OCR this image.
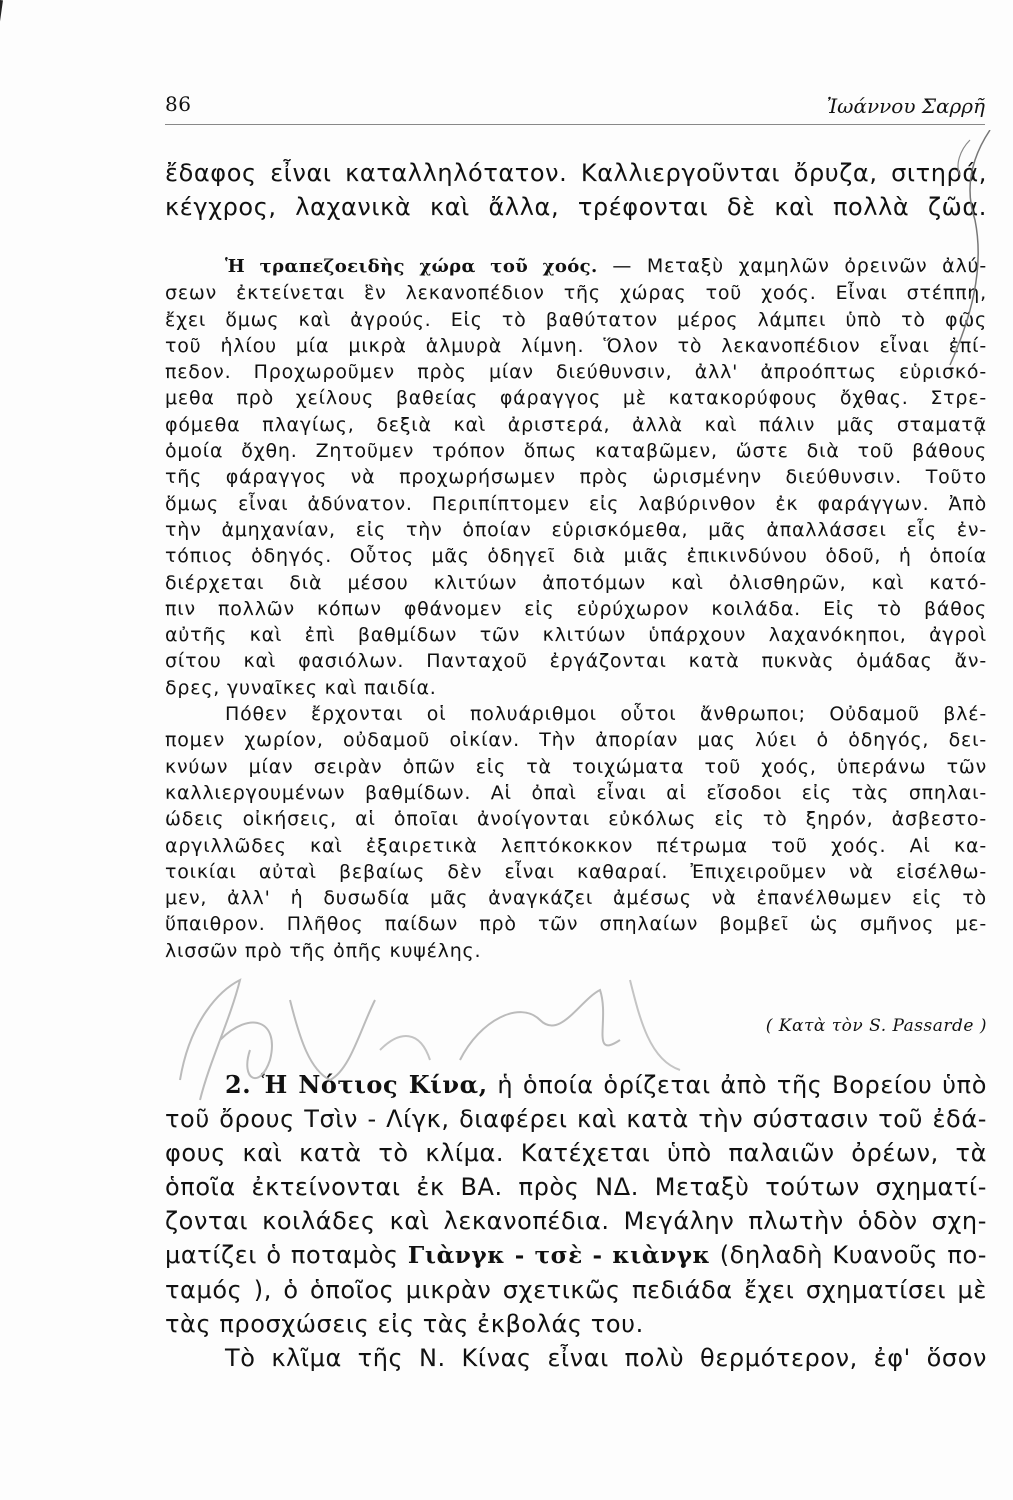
86	Ἰωάννου Σαρρῆ
ἔδαφος εἶναι καταλληλότατον. Καλλιεργοῦνται ὄρυζα, σιτηρά,
κέγχρος, λαχανικὰ καὶ ἄλλα, τρέφονται δὲ καὶ πολλὰ ζῶα.
Ἡ τραπεζοειδὴς χώρα τοῦ χοός. — Μεταξὺ χαμηλῶν ὀρεινῶν ἀλύ-
σεων ἐκτείνεται ἓν λεκανοπέδιον τῆς χώρας τοῦ χοός. Εἶναι στέππη,
ἔχει ὅμως καὶ ἀγρούς. Εἰς τὸ βαθύτατον μέρος λάμπει ὑπὸ τὸ φῶς
τοῦ ἡλίου μία μικρὰ ἁλμυρὰ λίμνη. Ὅλον τὸ λεκανοπέδιον εἶναι ἐπί-
πεδον. Προχωροῦμεν πρὸς μίαν διεύθυνσιν, ἀλλ' ἀπροόπτως εὑρισκό-
μεθα πρὸ χείλους βαθείας φάραγγος μὲ κατακορύφους ὄχθας. Στρε-
φόμεθα πλαγίως, δεξιὰ καὶ ἀριστερά, ἀλλὰ καὶ πάλιν μᾶς σταματᾷ
ὁμοία ὄχθη. Ζητοῦμεν τρόπον ὅπως καταβῶμεν, ὥστε διὰ τοῦ βάθους
τῆς φάραγγος νὰ προχωρήσωμεν πρὸς ὡρισμένην διεύθυνσιν. Τοῦτο
ὅμως εἶναι ἀδύνατον. Περιπίπτομεν εἰς λαβύρινθον ἐκ φαράγγων. Ἀπὸ
τὴν ἀμηχανίαν, εἰς τὴν ὁποίαν εὑρισκόμεθα, μᾶς ἀπαλλάσσει εἷς ἐν-
τόπιος ὁδηγός. Οὗτος μᾶς ὁδηγεῖ διὰ μιᾶς ἐπικινδύνου ὁδοῦ, ἡ ὁποία
διέρχεται διὰ μέσου κλιτύων ἀποτόμων καὶ ὀλισθηρῶν, καὶ κατό-
πιν πολλῶν κόπων φθάνομεν εἰς εὐρύχωρον κοιλάδα. Εἰς τὸ βάθος
αὐτῆς καὶ ἐπὶ βαθμίδων τῶν κλιτύων ὑπάρχουν λαχανόκηποι, ἀγροὶ
σίτου καὶ φασιόλων. Πανταχοῦ ἐργάζονται κατὰ πυκνὰς ὁμάδας ἄν-
δρες, γυναῖκες καὶ παιδία.
Πόθεν ἔρχονται οἱ πολυάριθμοι οὗτοι ἄνθρωποι; Οὐδαμοῦ βλέ-
πομεν χωρίον, οὐδαμοῦ οἰκίαν. Τὴν ἀπορίαν μας λύει ὁ ὁδηγός, δει-
κνύων μίαν σειρὰν ὀπῶν εἰς τὰ τοιχώματα τοῦ χοός, ὑπεράνω τῶν
καλλιεργουμένων βαθμίδων. Αἱ ὀπαὶ εἶναι αἱ εἴσοδοι εἰς τὰς σπηλαι-
ώδεις οἰκήσεις, αἱ ὁποῖαι ἀνοίγονται εὐκόλως εἰς τὸ ξηρόν, ἀσβεστο-
αργιλλῶδες καὶ ἐξαιρετικὰ λεπτόκοκκον πέτρωμα τοῦ χοός. Αἱ κα-
τοικίαι αὐταὶ βεβαίως δὲν εἶναι καθαραί. Ἐπιχειροῦμεν νὰ εἰσέλθω-
μεν, ἀλλ' ἡ δυσωδία μᾶς ἀναγκάζει ἀμέσως νὰ ἐπανέλθωμεν εἰς τὸ
ὕπαιθρον. Πλῆθος παίδων πρὸ τῶν σπηλαίων βομβεῖ ὡς σμῆνος με-
λισσῶν πρὸ τῆς ὀπῆς κυψέλης.
( Κατὰ τὸν S. Passarde )
2. Ἡ Νότιος Κίνα, ἡ ὁποία ὁρίζεται ἀπὸ τῆς Βορείου ὑπὸ
τοῦ ὄρους Τσὶν - Λίγκ, διαφέρει καὶ κατὰ τὴν σύστασιν τοῦ ἐδά-
φους καὶ κατὰ τὸ κλίμα. Κατέχεται ὑπὸ παλαιῶν ὀρέων, τὰ
ὁποῖα ἐκτείνονται ἐκ ΒΑ. πρὸς ΝΔ. Μεταξὺ τούτων σχηματί-
ζονται κοιλάδες καὶ λεκανοπέδια. Μεγάλην πλωτὴν ὁδὸν σχη-
ματίζει ὁ ποταμὸς Γιὰνγκ - τσὲ - κιὰνγκ (δηλαδὴ Κυανοῦς πο-
ταμός ), ὁ ὁποῖος μικρὰν σχετικῶς πεδιάδα ἔχει σχηματίσει μὲ
τὰς προσχώσεις εἰς τὰς ἐκβολάς του.
Τὸ κλῖμα τῆς Ν. Κίνας εἶναι πολὺ θερμότερον, ἐφ' ὅσον
